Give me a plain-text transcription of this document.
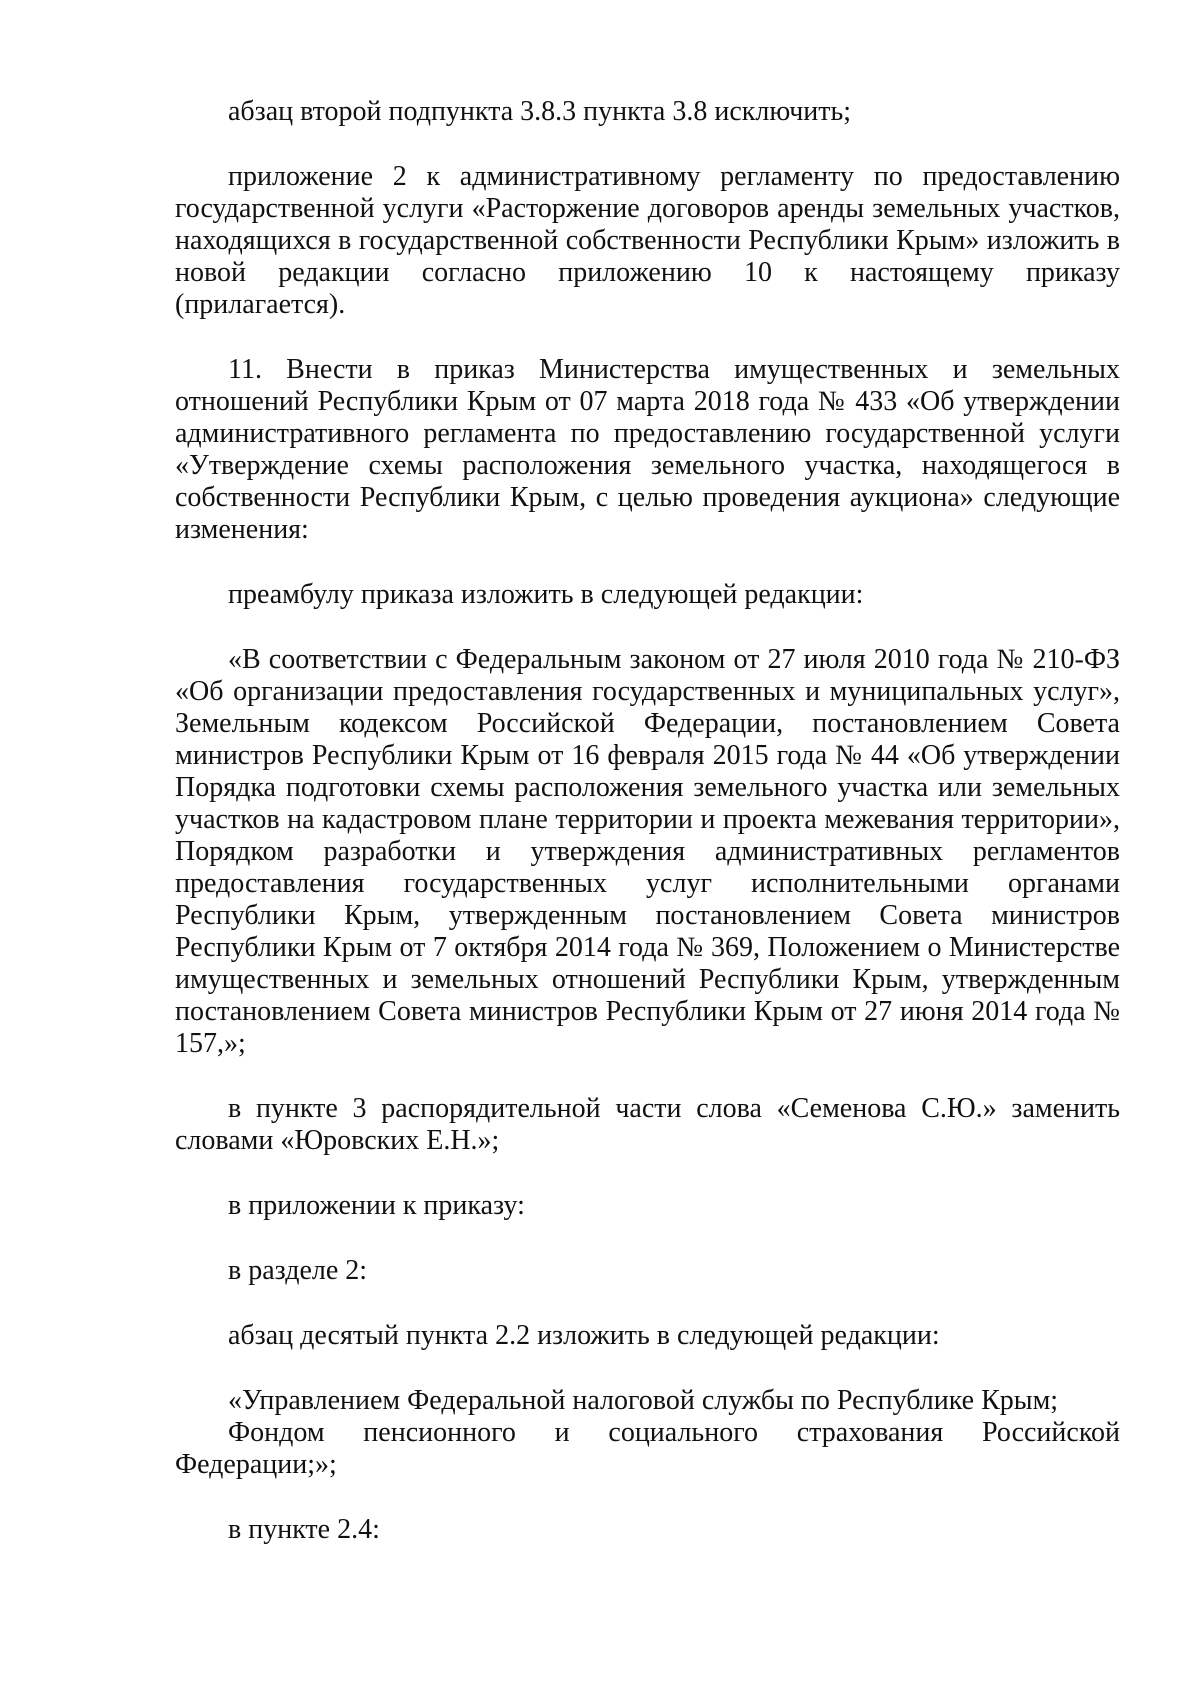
абзац второй подпункта 3.8.3 пункта 3.8 исключить;

приложение 2 к административному регламенту по предоставлению государственной услуги «Расторжение договоров аренды земельных участков, находящихся в государственной собственности Республики Крым» изложить в новой редакции согласно приложению 10 к настоящему приказу (прилагается).

11. Внести в приказ Министерства имущественных и земельных отношений Республики Крым от 07 марта 2018 года № 433 «Об утверждении административного регламента по предоставлению государственной услуги «Утверждение схемы расположения земельного участка, находящегося в собственности Республики Крым, с целью проведения аукциона» следующие изменения:

преамбулу приказа изложить в следующей редакции:

«В соответствии с Федеральным законом от 27 июля 2010 года № 210-ФЗ «Об организации предоставления государственных и муниципальных услуг», Земельным кодексом Российской Федерации, постановлением Совета министров Республики Крым от 16 февраля 2015 года № 44 «Об утверждении Порядка подготовки схемы расположения земельного участка или земельных участков на кадастровом плане территории и проекта межевания территории», Порядком разработки и утверждения административных регламентов предоставления государственных услуг исполнительными органами Республики Крым, утвержденным постановлением Совета министров Республики Крым от 7 октября 2014 года № 369, Положением о Министерстве имущественных и земельных отношений Республики Крым, утвержденным постановлением Совета министров Республики Крым от 27 июня 2014 года № 157,»;

в пункте 3 распорядительной части слова «Семенова С.Ю.» заменить словами «Юровских Е.Н.»;

в приложении к приказу:

в разделе 2:

абзац десятый пункта 2.2 изложить в следующей редакции:

«Управлением Федеральной налоговой службы по Республике Крым;

Фондом пенсионного и социального страхования Российской Федерации;»;

в пункте 2.4:
